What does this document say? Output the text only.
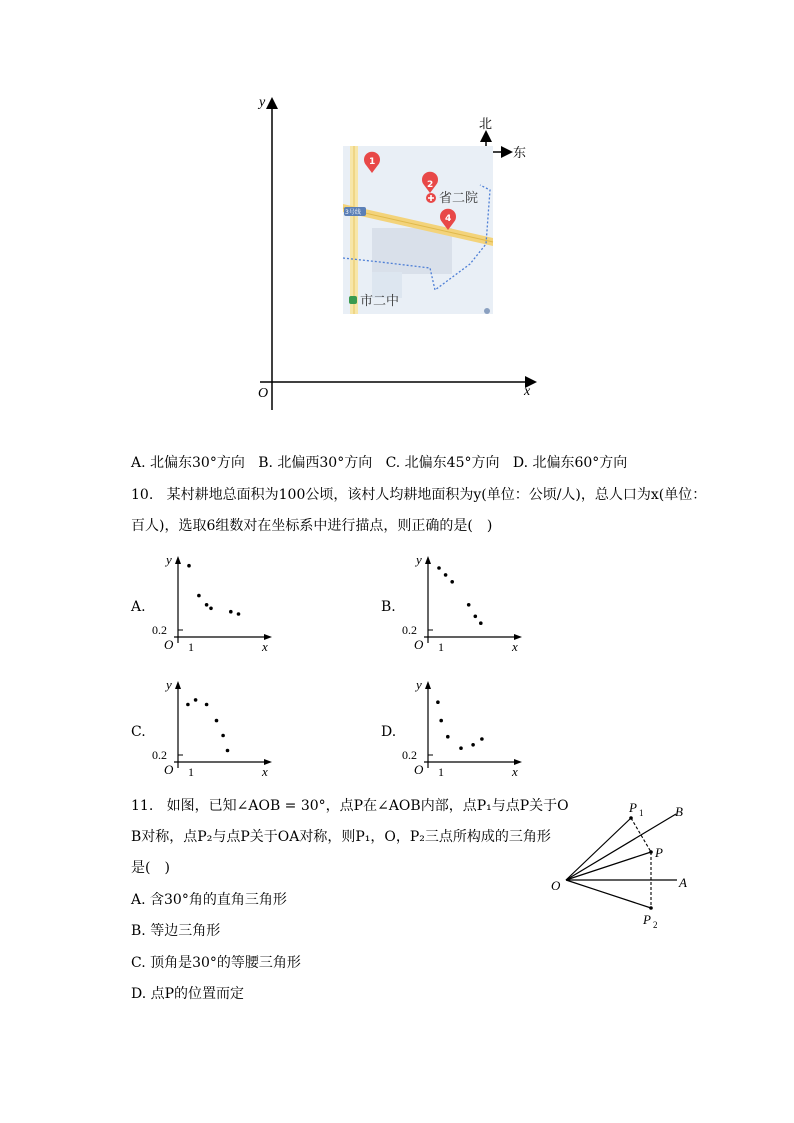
y
x
O
北
东
3号线
1
2
省二院
4
市二中
A. 北偏东30°方向 B. 北偏西30°方向 C. 北偏东45°方向 D. 北偏东60°方向
10. 某村耕地总面积为100公顷，该村人均耕地面积为y(单位：公顷/人)，总人口为x(单位：
百人)，选取6组数对在坐标系中进行描点，则正确的是(　)
A.
y
x
O 1
0.2
B.
y
x
O 1
0.2
C.
y
x
O 1
0.2
D.
y
x
O 1
0.2
11. 如图，已知∠AOB = 30°，点P在∠AOB内部，点P₁与点P关于O
B对称，点P₂与点P关于OA对称，则P₁，O，P₂三点所构成的三角形
是(　)
A. 含30°角的直角三角形
B. 等边三角形
C. 顶角是30°的等腰三角形
D. 点P的位置而定
O	A
B
P
P 1
P 2
